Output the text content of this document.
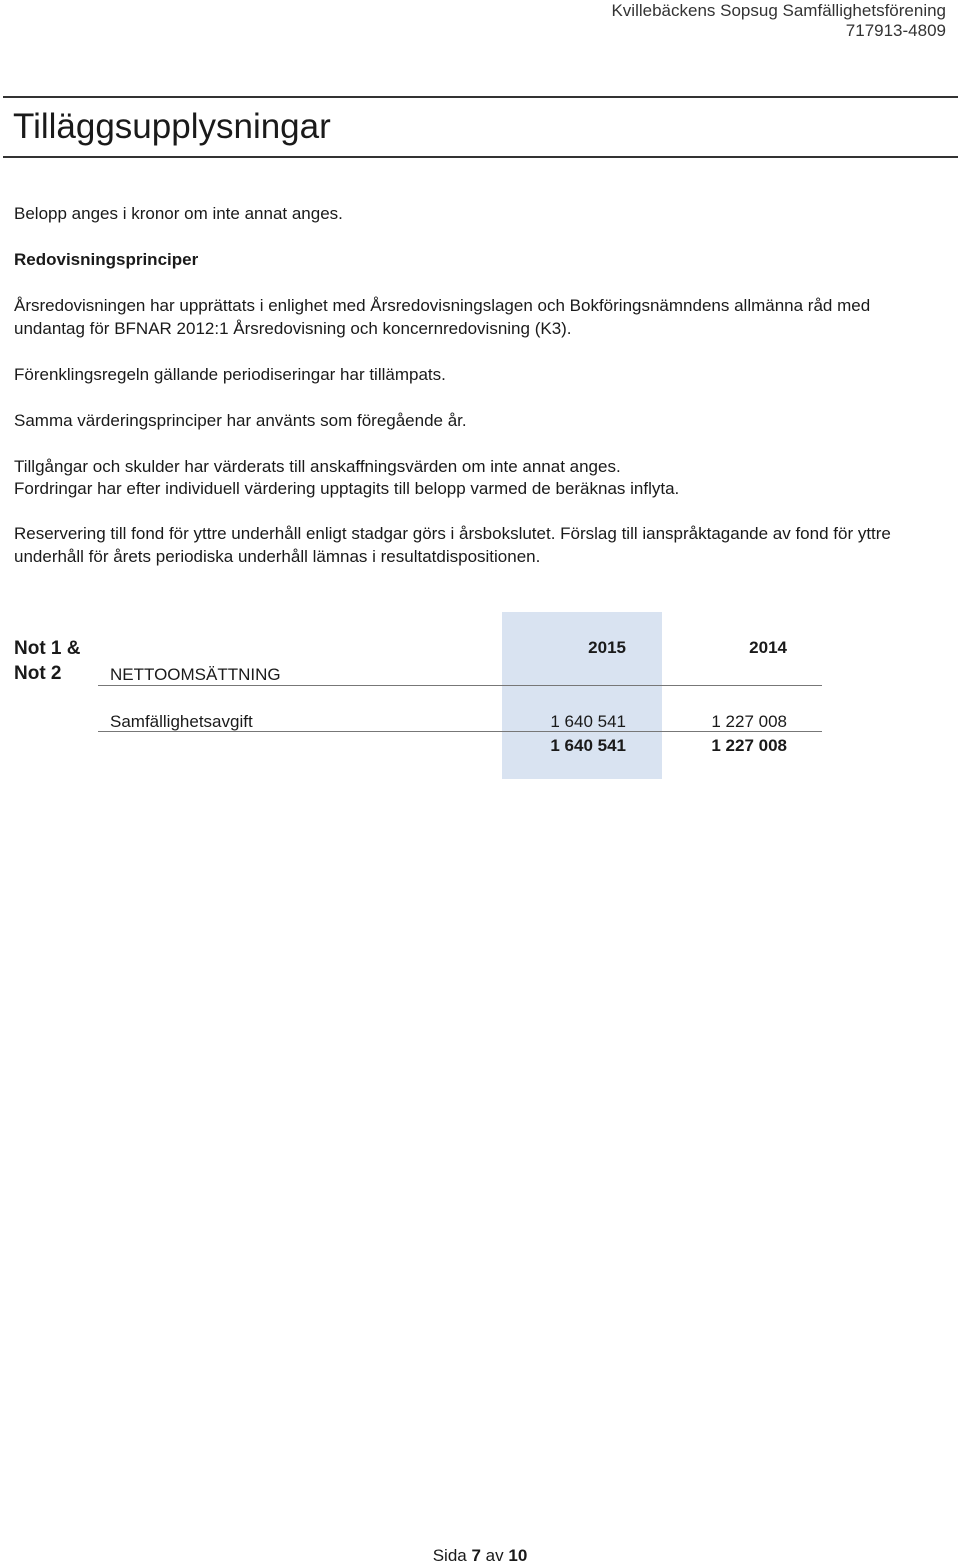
Kvillebäckens Sopsug Samfällighetsförening
717913-4809
Tilläggsupplysningar
Belopp anges i kronor om inte annat anges.
Redovisningsprinciper
Årsredovisningen har upprättats i enlighet med Årsredovisningslagen och Bokföringsnämndens allmänna råd med
undantag för BFNAR 2012:1 Årsredovisning och koncernredovisning (K3).
Förenklingsregeln gällande periodiseringar har tillämpats.
Samma värderingsprinciper har använts som föregående år.
Tillgångar och skulder har värderats till anskaffningsvärden om inte annat anges.
Fordringar har efter individuell värdering upptagits till belopp varmed de beräknas inflyta.
Reservering till fond för yttre underhåll enligt stadgar görs i årsbokslutet. Förslag till ianspråktagande av fond för yttre
underhåll för årets periodiska underhåll lämnas i resultatdispositionen.
Not 1 &
Not 2	NETTOOMSÄTTNING
2015	2014
Samfällighetsavgift	1 640 541	1 227 008
1 640 541	1 227 008
Sida 7 av 10
